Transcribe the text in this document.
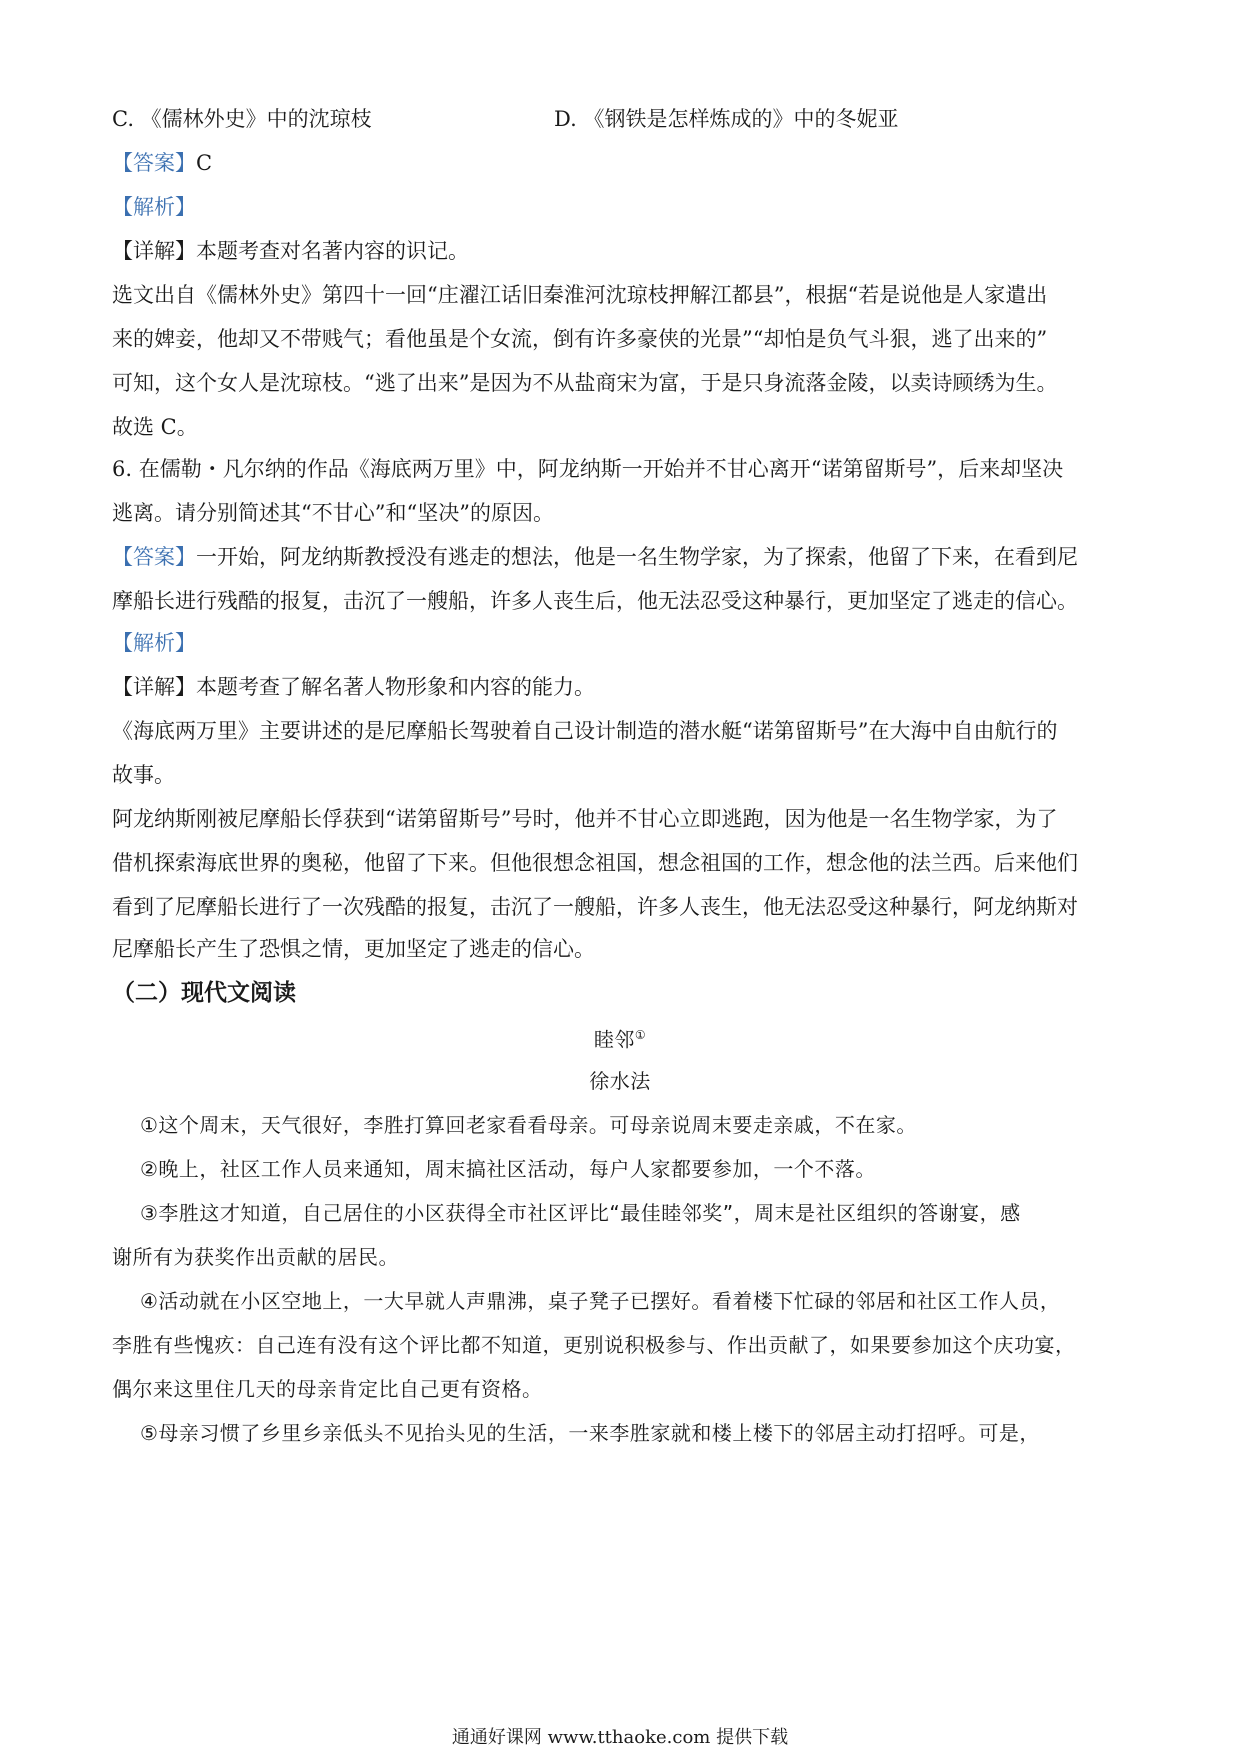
C. 《儒林外史》中的沈琼枝	D. 《钢铁是怎样炼成的》中的冬妮亚
【答案】C
【解析】
【详解】本题考查对名著内容的识记。
选文出自《儒林外史》第四十一回“庄濯江话旧秦淮河沈琼枝押解江都县”，根据“若是说他是人家遣出
来的婢妾，他却又不带贱气；看他虽是个女流，倒有许多豪侠的光景”“却怕是负气斗狠，逃了出来的”
可知，这个女人是沈琼枝。“逃了出来”是因为不从盐商宋为富，于是只身流落金陵，以卖诗顾绣为生。
故选 C。
6. 在儒勒・凡尔纳的作品《海底两万里》中，阿龙纳斯一开始并不甘心离开“诺第留斯号”，后来却坚决
逃离。请分别简述其“不甘心”和“坚决”的原因。
【答案】一开始，阿龙纳斯教授没有逃走的想法，他是一名生物学家，为了探索，他留了下来，在看到尼
摩船长进行残酷的报复，击沉了一艘船，许多人丧生后，他无法忍受这种暴行，更加坚定了逃走的信心。
【解析】
【详解】本题考查了解名著人物形象和内容的能力。
《海底两万里》主要讲述的是尼摩船长驾驶着自己设计制造的潜水艇“诺第留斯号”在大海中自由航行的
故事。
阿龙纳斯刚被尼摩船长俘获到“诺第留斯号”号时，他并不甘心立即逃跑，因为他是一名生物学家，为了
借机探索海底世界的奥秘，他留了下来。但他很想念祖国，想念祖国的工作，想念他的法兰西。后来他们
看到了尼摩船长进行了一次残酷的报复，击沉了一艘船，许多人丧生，他无法忍受这种暴行，阿龙纳斯对
尼摩船长产生了恐惧之情，更加坚定了逃走的信心。
（二）现代文阅读
睦邻①
徐水法
①这个周末，天气很好，李胜打算回老家看看母亲。可母亲说周末要走亲戚，不在家。
②晚上，社区工作人员来通知，周末搞社区活动，每户人家都要参加，一个不落。
③李胜这才知道，自己居住的小区获得全市社区评比“最佳睦邻奖”，周末是社区组织的答谢宴，感
谢所有为获奖作出贡献的居民。
④活动就在小区空地上，一大早就人声鼎沸，桌子凳子已摆好。看着楼下忙碌的邻居和社区工作人员，
李胜有些愧疚：自己连有没有这个评比都不知道，更别说积极参与、作出贡献了，如果要参加这个庆功宴，
偶尔来这里住几天的母亲肯定比自己更有资格。
⑤母亲习惯了乡里乡亲低头不见抬头见的生活，一来李胜家就和楼上楼下的邻居主动打招呼。可是，
通通好课网 www.tthaoke.com 提供下载
